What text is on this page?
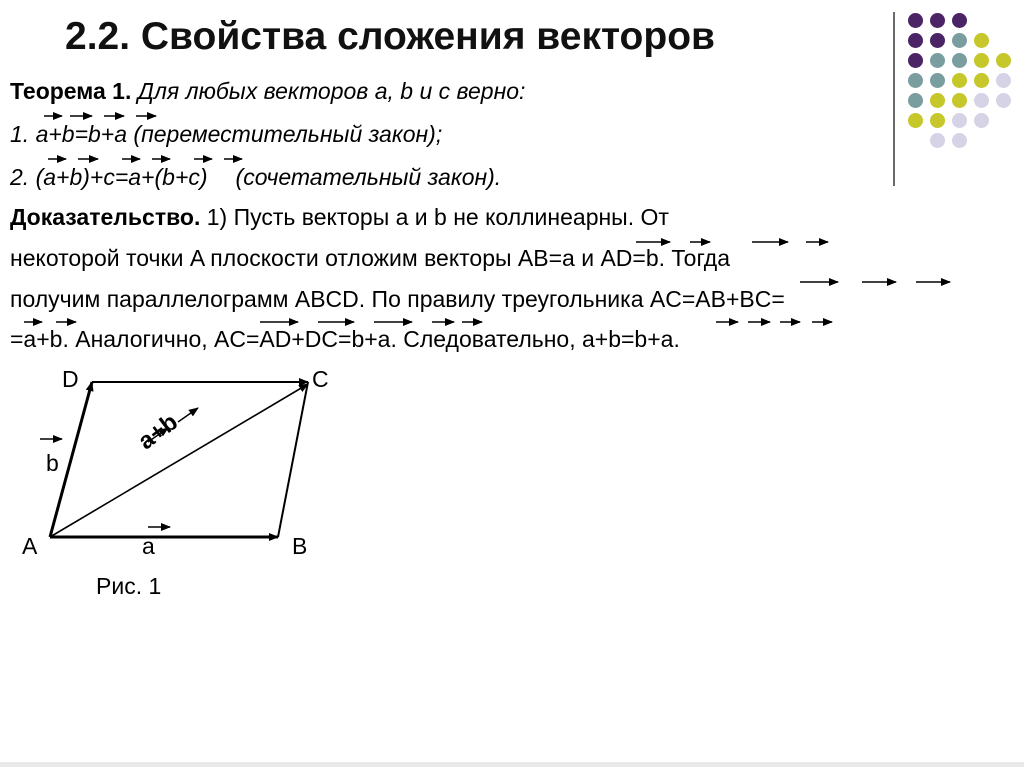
2.2. Свойства сложения векторов
Теорема 1. Для любых векторов a, b и c верно:
1. a+b=b+a (переместительный закон);
2. (a+b)+c=a+(b+c) (сочетательный закон).
Доказательство. 1) Пусть векторы a и b не коллинеарны. От
некоторой точки A плоскости отложим векторы AB=a и AD=b. Тогда
получим параллелограмм ABCD. По правилу треугольника AC=AB+BC=
=a+b. Аналогично, AC=AD+DC=b+a. Следовательно, a+b=b+a.
D	C
b
A	a	B
a+b
Рис. 1
